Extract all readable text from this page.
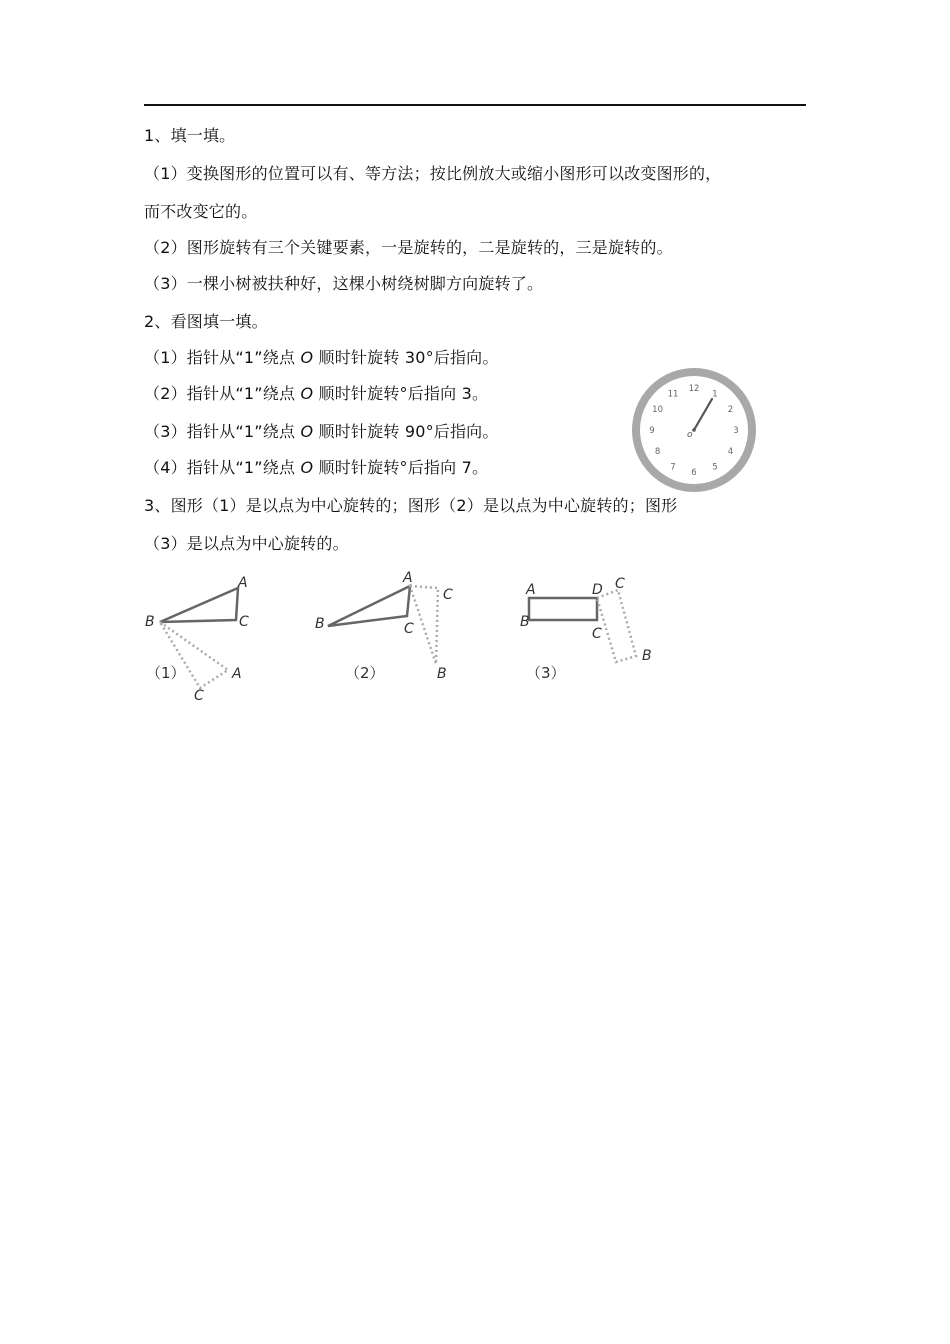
1、填一填。
（1）变换图形的位置可以有、等方法；按比例放大或缩小图形可以改变图形的，
而不改变它的。
（2）图形旋转有三个关键要素，一是旋转的，二是旋转的，三是旋转的。
（3）一棵小树被扶种好，这棵小树绕树脚方向旋转了。
2、看图填一填。
（1）指针从“1”绕点 O 顺时针旋转 30°后指向。
（2）指针从“1”绕点 O 顺时针旋转°后指向 3。
（3）指针从“1”绕点 O 顺时针旋转 90°后指向。
（4）指针从“1”绕点 O 顺时针旋转°后指向 7。
12
1
2
3
4
5
6
7
8
9
10
11
o
3、图形（1）是以点为中心旋转的；图形（2）是以点为中心旋转的；图形
（3）是以点为中心旋转的。
A
B	C
A
C
（1）
A
B	C
C
B
（2）
A	D
B
C
C
B
（3）
